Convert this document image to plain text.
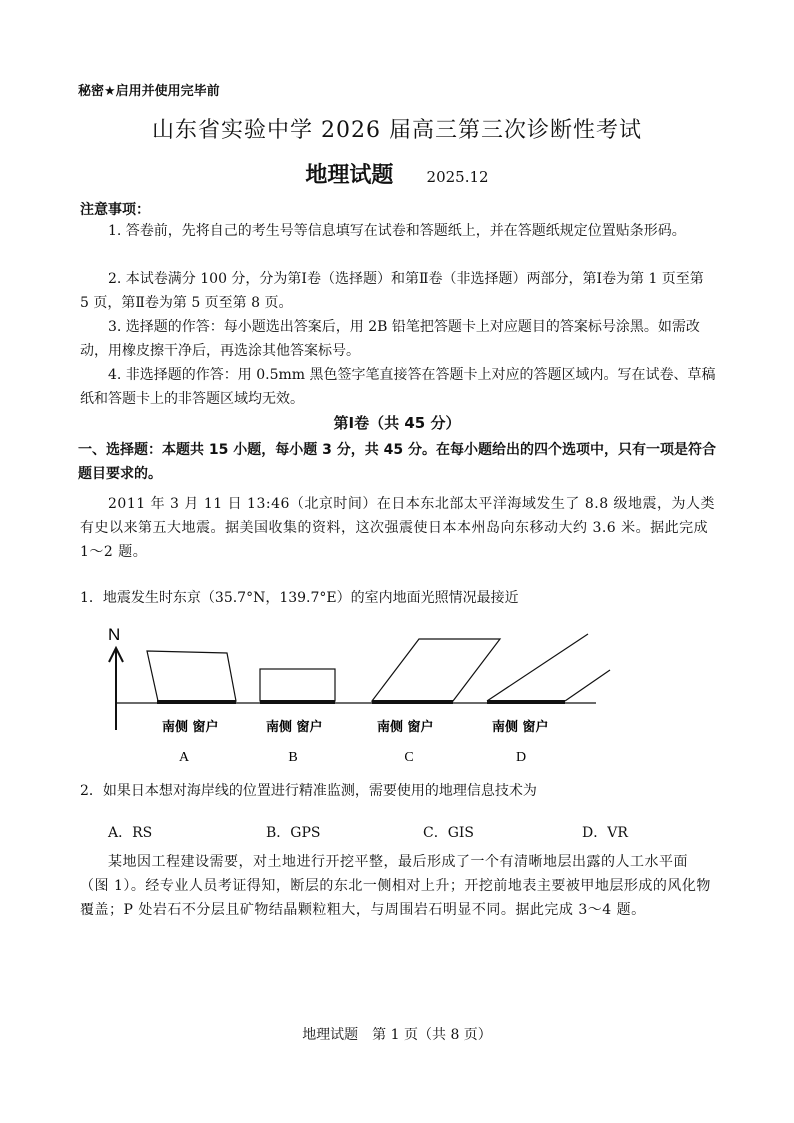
秘密★启用并使用完毕前
山东省实验中学 2026 届高三第三次诊断性考试
地理试题 2025.12
注意事项：
1. 答卷前，先将自己的考生号等信息填写在试卷和答题纸上，并在答题纸规定位置贴条形码。
2. 本试卷满分 100 分，分为第Ⅰ卷（选择题）和第Ⅱ卷（非选择题）两部分，第Ⅰ卷为第 1 页至第 5 页，第Ⅱ卷为第 5 页至第 8 页。
3. 选择题的作答：每小题选出答案后，用 2B 铅笔把答题卡上对应题目的答案标号涂黑。如需改动，用橡皮擦干净后，再选涂其他答案标号。
4. 非选择题的作答：用 0.5mm 黑色签字笔直接答在答题卡上对应的答题区域内。写在试卷、草稿纸和答题卡上的非答题区域均无效。
第Ⅰ卷（共 45 分）
一、选择题：本题共 15 小题，每小题 3 分，共 45 分。在每小题给出的四个选项中，只有一项是符合题目要求的。
2011 年 3 月 11 日 13:46（北京时间）在日本东北部太平洋海域发生了 8.8 级地震，为人类有史以来第五大地震。据美国收集的资料，这次强震使日本本州岛向东移动大约 3.6 米。据此完成 1～2 题。
1．地震发生时东京（35.7°N，139.7°E）的室内地面光照情况最接近
N
南侧 窗户	南侧 窗户	南侧 窗户	南侧 窗户
A	B	C	D
2．如果日本想对海岸线的位置进行精准监测，需要使用的地理信息技术为
A．RS	B．GPS	C．GIS	D．VR
某地因工程建设需要，对土地进行开挖平整，最后形成了一个有清晰地层出露的人工水平面（图 1）。经专业人员考证得知，断层的东北一侧相对上升；开挖前地表主要被甲地层形成的风化物覆盖；P 处岩石不分层且矿物结晶颗粒粗大，与周围岩石明显不同。据此完成 3～4 题。
地理试题　第 1 页（共 8 页）
